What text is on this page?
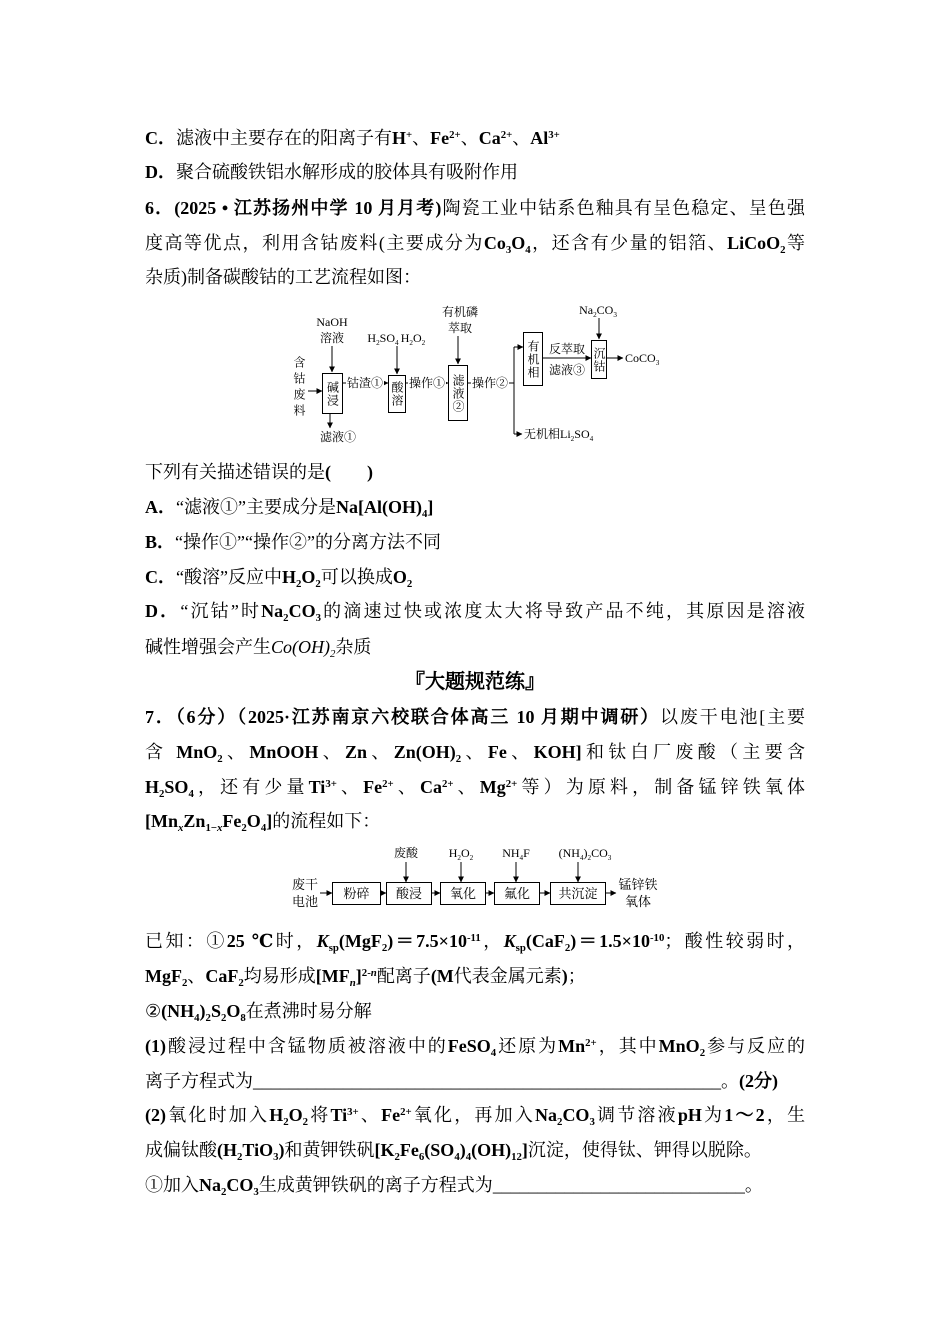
C．滤液中主要存在的阳离子有H+、$Fe^{2+}$、$Ca^{2+}$、$Al^{3+}$
D．聚合硫酸铁铝水解形成的胶体具有吸附作用
6．(2025 • 江苏扬州中学 10 月月考)陶瓷工业中钴系色釉具有呈色稳定、呈色强
度高等优点，利用含钴废料(主要成分为$Co_3O_4$，还含有少量的铝箔、LiCoO$_2$等
杂质)制备碳酸钴的工艺流程如图：
NaOH
溶液 $H_2SO_4$ $H_2O_2$
有机磷
萃取
$Na_2CO_3$
含钴废料 碱浸	酸溶	滤液②
有机相	沉钴
钴渣① 操作① 操作②
反萃取
滤液③
CoCO$_3$
滤液①	无机相$Li_2SO_4$
下列有关描述错误的是(　　)
A．“滤液①”主要成分是$Na[Al(OH)_4]$
B．“操作①”“操作②”的分离方法不同
C．“酸溶”反应中$H_2O_2$可以换成$O_2$
D．“沉钴”时$Na_2CO_3$的滴速过快或浓度太大将导致产品不纯，其原因是溶液
碱性增强会产生$Co(OH)_2$杂质
『大题规范练』
7．（6分）（2025·江苏南京六校联合体高三 10 月期中调研）以废干电池[主要
含 MnO$_2$、MnOOH、Zn、$Zn(OH)_2$、Fe、KOH]和钛白厂废酸（主要含
$H_2SO_4$，还有少量$Ti^{3+}$、$Fe^{2+}$、$Ca^{2+}$、$Mg^{2+}$等）为原料，制备锰锌铁氧体
$[Mn_xZn_{1-x}Fe_2O_4]$的流程如下：
废酸	$H_2O_2$ $NH_4F$ $(NH_4)_2CO_3$
废干
电池
粉碎 酸浸 氧化 氟化 共沉淀
锰锌铁
氧体
已知：①25 ℃时，$K_{sp}(MgF_2)=7.5\times 10^{-11}$，$K_{sp}(CaF_2)=1.5\times 10^{-10}$；酸性较弱时，
MgF$_2$、CaF$_2$均易形成$[MF_n]^{2-n}$配离子(M代表金属元素)；
$②(NH_4)_2S_2O_8$在煮沸时易分解
(1)酸浸过程中含锰物质被溶液中的FeSO$_4$还原为$Mn^{2+}$，其中MnO$_2$参与反应的
离子方程式为____________________________________________________。(2分)
(2)氧化时加入$H_2O_2$将$Ti^{3+}$、$Fe^{2+}$氧化，再加入$Na_2CO_3$调节溶液pH为1～2，生
成偏钛酸$(H_2TiO_3)$和黄钾铁矾$[K_2Fe_6(SO_4)_4(OH)_{12}]$沉淀，使得钛、钾得以脱除。
①加入$Na_2CO_3$生成黄钾铁矾的离子方程式为____________________________。
